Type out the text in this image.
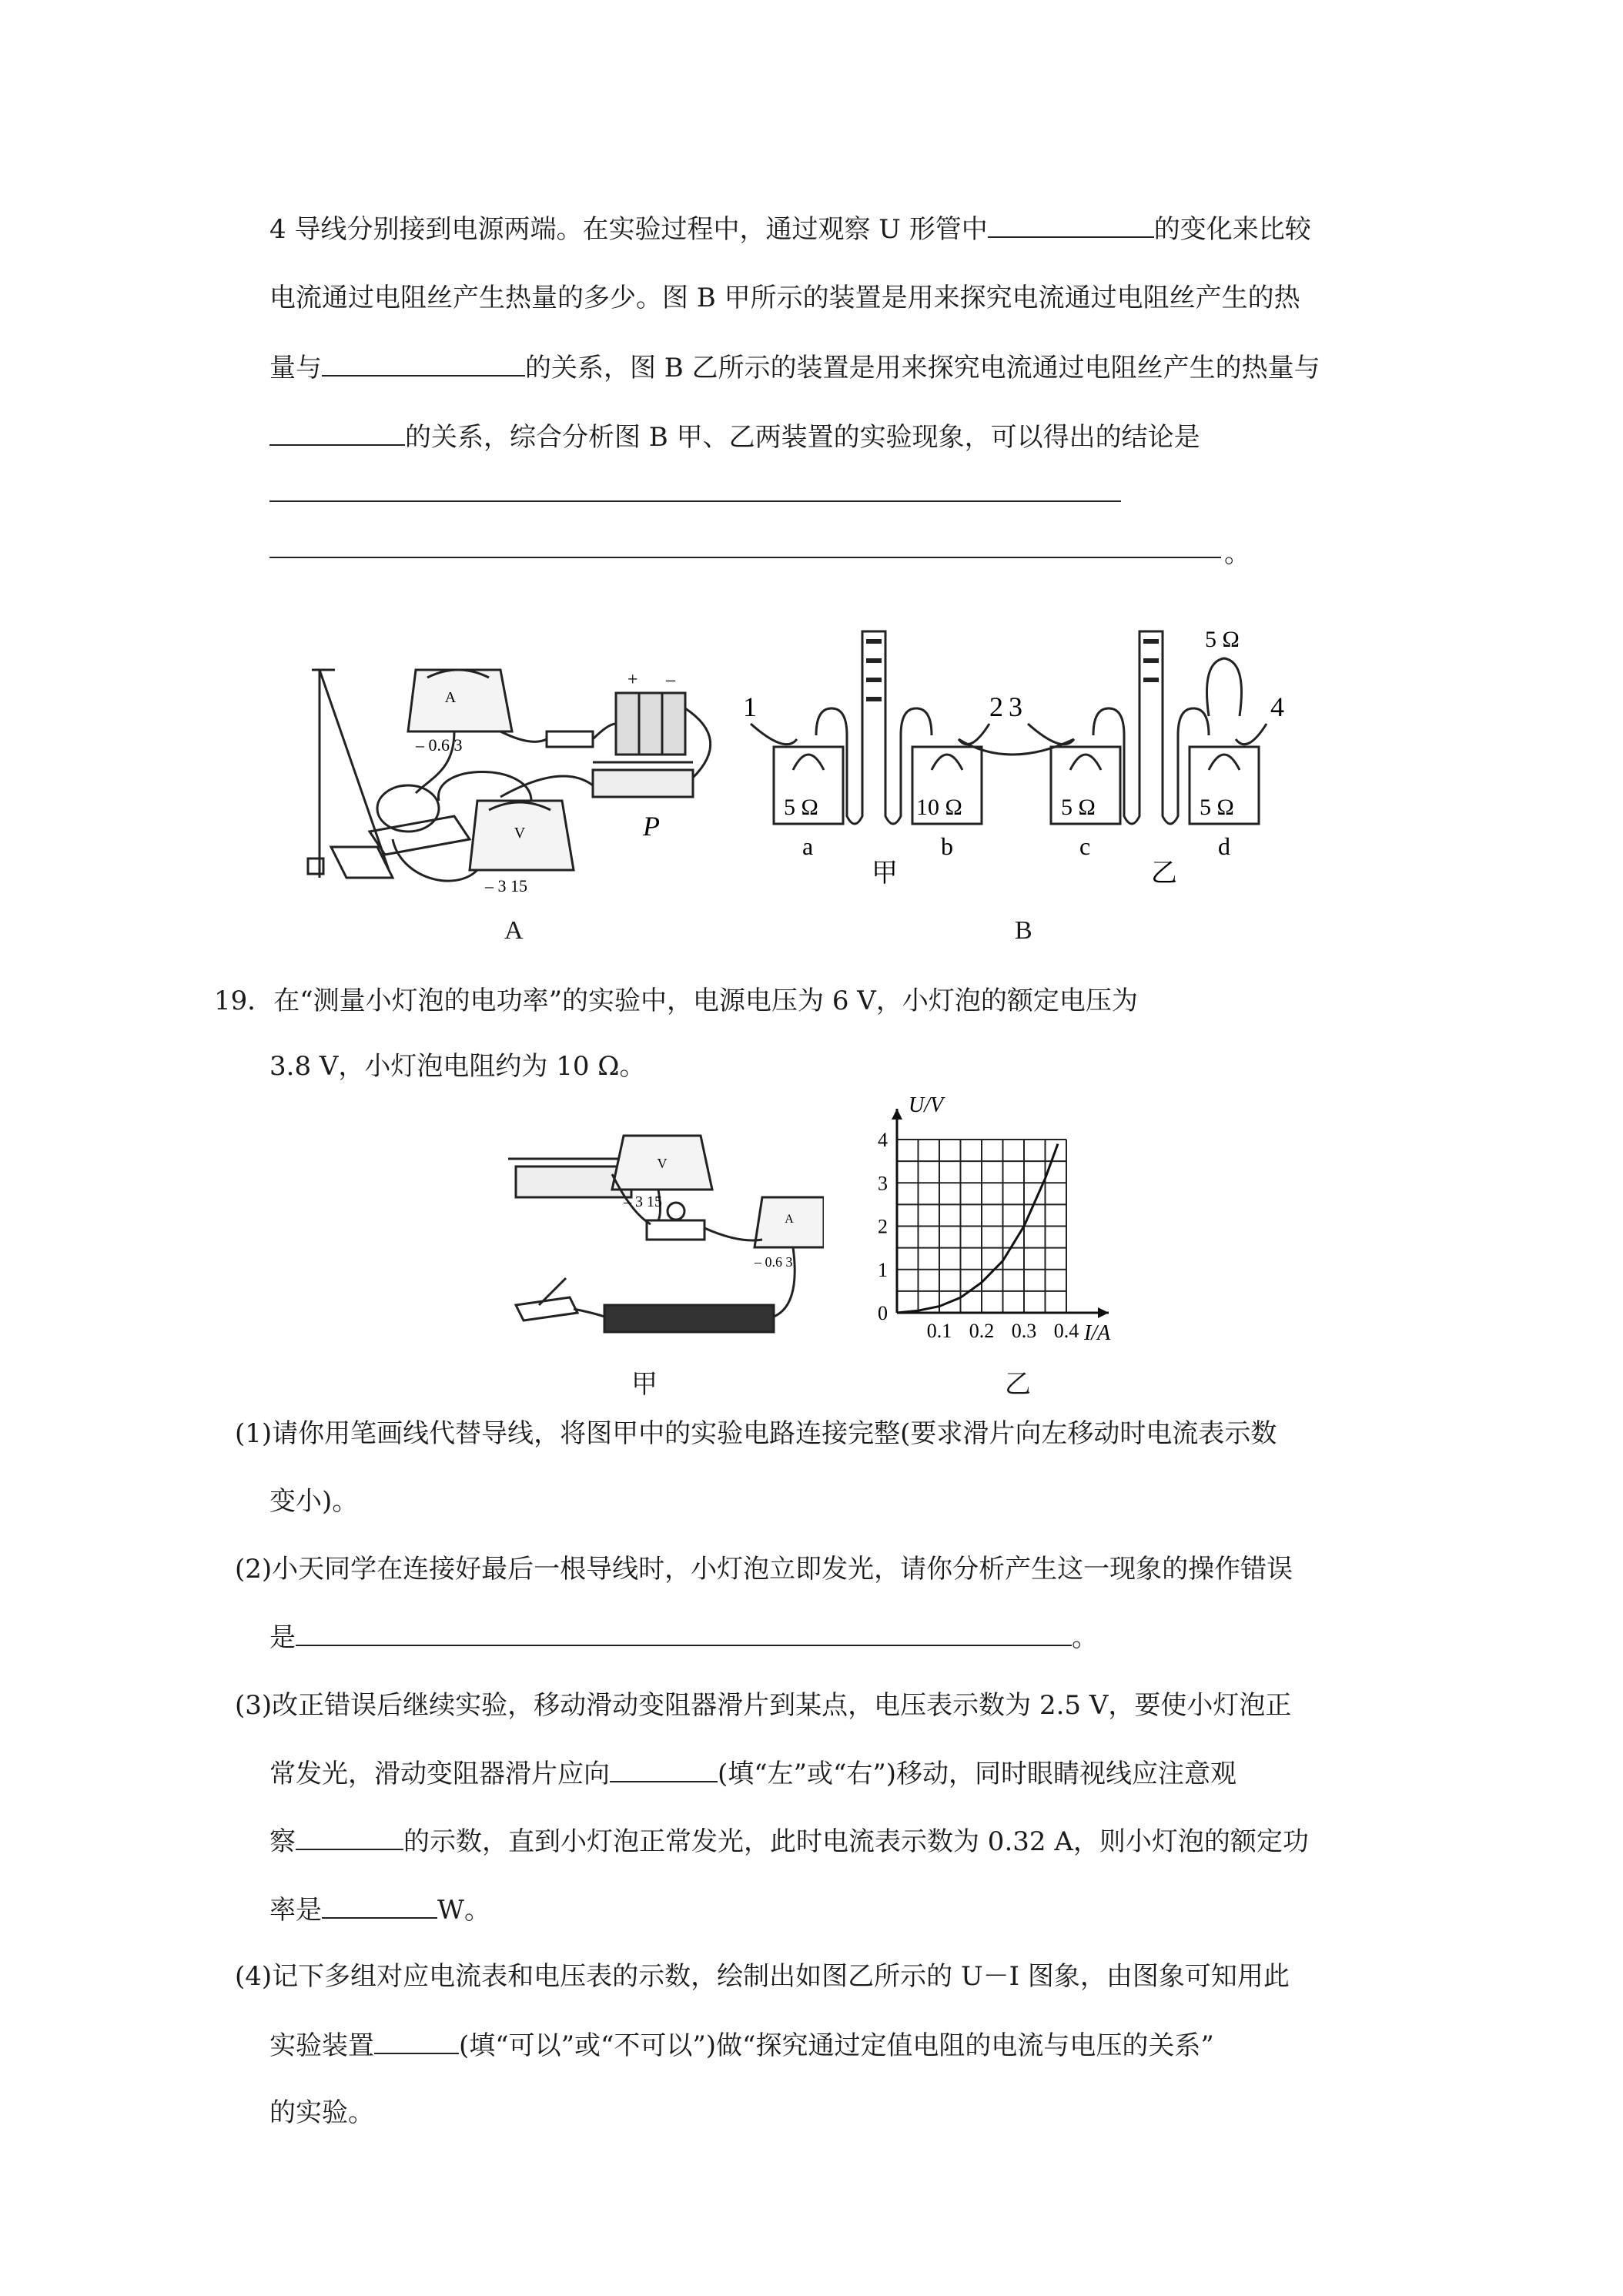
4 导线分别接到电源两端。在实验过程中，通过观察 U 形管中	的变化来比较
电流通过电阻丝产生热量的多少。图 B 甲所示的装置是用来探究电流通过电阻丝产生的热
量与	的关系，图 B 乙所示的装置是用来探究电流通过电阻丝产生的热量与
的关系，综合分析图 B 甲、乙两装置的实验现象，可以得出的结论是
。
A
– 0.6 3
V
– 3 15
+ –
P
A
1	2 3	4
5 Ω	10 Ω	5 Ω	5 Ω
5 Ω
a	b	c	d
甲	乙
B
19．在“测量小灯泡的电功率”的实验中，电源电压为 6 V，小灯泡的额定电压为
3.8 V，小灯泡电阻约为 10 Ω。
V
– 3 15
A
– 0.6 3
甲
U/V
I/A
0.1 0.2 0.3 0.4
0
1
2
3
4
乙
(1)请你用笔画线代替导线，将图甲中的实验电路连接完整(要求滑片向左移动时电流表示数
变小)。
(2)小天同学在连接好最后一根导线时，小灯泡立即发光，请你分析产生这一现象的操作错误
是	。
(3)改正错误后继续实验，移动滑动变阻器滑片到某点，电压表示数为 2.5 V，要使小灯泡正
常发光，滑动变阻器滑片应向	(填“左”或“右”)移动，同时眼睛视线应注意观
察	的示数，直到小灯泡正常发光，此时电流表示数为 0.32 A，则小灯泡的额定功
率是	W。
(4)记下多组对应电流表和电压表的示数，绘制出如图乙所示的 U－I 图象，由图象可知用此
实验装置	(填“可以”或“不可以”)做“探究通过定值电阻的电流与电压的关系”
的实验。
